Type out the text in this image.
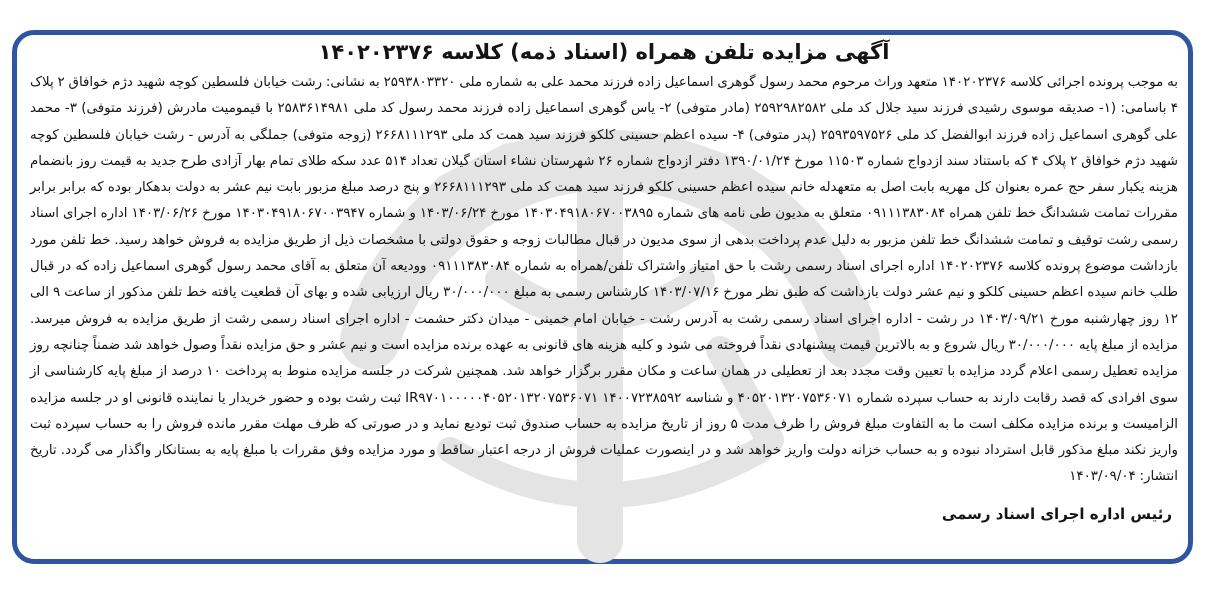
آگهی مزایده تلفن همراه (اسناد ذمه) کلاسه ۱۴۰۲۰۲۳۷۶

به موجب پرونده اجرائی کلاسه ۱۴۰۲۰۲۳۷۶ متعهد وراث مرحوم محمد رسول گوهری اسماعیل زاده فرزند محمد علی به شماره ملی ۲۵۹۳۸۰۳۳۲۰ به نشانی: رشت خیابان فلسطین کوچه شهید دژم خوافاق ۲ پلاک ۴ باسامی: (۱- صدیقه موسوی رشیدی فرزند سید جلال کد ملی ۲۵۹۲۹۸۲۵۸۲ (مادر متوفی) ۲- یاس گوهری اسماعیل زاده فرزند محمد رسول کد ملی ۲۵۸۳۶۱۴۹۸۱ با قیمومیت مادرش (فرزند متوفی) ۳- محمد علی گوهری اسماعیل زاده فرزند ابوالفضل کد ملی ۲۵۹۳۵۹۷۵۲۶ (پدر متوفی) ۴- سیده اعظم حسینی کلکو فرزند سید همت کد ملی ۲۶۶۸۱۱۱۲۹۳ (زوجه متوفی) جملگی به آدرس - رشت خیابان فلسطین کوچه شهید دژم خوافاق ۲ پلاک ۴ که باستناد سند ازدواج شماره ۱۱۵۰۳ مورخ ۱۳۹۰/۰۱/۲۴ دفتر ازدواج شماره ۲۶ شهرستان نشاء استان گیلان تعداد ۵۱۴ عدد سکه طلای تمام بهار آزادی طرح جدید به قیمت روز بانضمام هزینه یکبار سفر حج عمره بعنوان کل مهریه بابت اصل به متعهدله خانم سیده اعظم حسینی کلکو فرزند سید همت کد ملی ۲۶۶۸۱۱۱۲۹۳ و پنج درصد مبلغ مزبور بابت نیم عشر به دولت بدهکار بوده که برابر برابر مقررات تمامت ششدانگ خط تلفن همراه ۰۹۱۱۱۳۸۳۰۸۴ متعلق به مدیون طی نامه های شماره ۱۴۰۳۰۴۹۱۸۰۶۷۰۰۳۸۹۵ مورخ ۱۴۰۳/۰۶/۲۴ و شماره ۱۴۰۳۰۴۹۱۸۰۶۷۰۰۳۹۴۷ مورخ ۱۴۰۳/۰۶/۲۶ اداره اجرای اسناد رسمی رشت توقیف و تمامت ششدانگ خط تلفن مزبور به دلیل عدم پرداخت بدهی از سوی مدیون در قبال مطالبات زوجه و حقوق دولتی با مشخصات ذیل از طریق مزایده به فروش خواهد رسید. خط تلفن مورد بازداشت موضوع پرونده کلاسه ۱۴۰۲۰۲۳۷۶ اداره اجرای اسناد رسمی رشت با حق امتیاز واشتراک تلفن/همراه به شماره ۰۹۱۱۱۳۸۳۰۸۴ وودیعه آن متعلق به آقای محمد رسول گوهری اسماعیل زاده که در قبال طلب خانم سیده اعظم حسینی کلکو و نیم عشر دولت بازداشت که طبق نظر مورخ ۱۴۰۳/۰۷/۱۶ کارشناس رسمی به مبلغ ۳۰/۰۰۰/۰۰۰ ریال ارزیابی شده و بهای آن قطعیت یافته خط تلفن مذکور از ساعت ۹ الی ۱۲ روز چهارشنبه مورخ ۱۴۰۳/۰۹/۲۱ در رشت - اداره اجرای اسناد رسمی رشت به آدرس رشت - خیابان امام خمینی - میدان دکتر حشمت - اداره اجرای اسناد رسمی رشت از طریق مزایده به فروش میرسد. مزایده از مبلغ پایه ۳۰/۰۰۰/۰۰۰ ریال شروع و به بالاترین قیمت پیشنهادی نقداً فروخته می شود و کلیه هزینه های قانونی به عهده برنده مزایده است و نیم عشر و حق مزایده نقداً وصول خواهد شد ضمناً چنانچه روز مزایده تعطیل رسمی اعلام گردد مزایده با تعیین وقت مجدد بعد از تعطیلی در همان ساعت و مکان مقرر برگزار خواهد شد. همچنین شرکت در جلسه مزایده منوط به پرداخت ۱۰ درصد از مبلغ پایه کارشناسی از سوی افرادی که قصد رقابت دارند به حساب سپرده شماره ۴۰۵۲۰۱۳۲۰۷۵۳۶۰۷۱ و شناسه ۱۴۰۰۷۲۳۸۵۹۲ IR۹۷۰۱۰۰۰۰۰۴۰۵۲۰۱۳۲۰۷۵۳۶۰۷۱ ثبت رشت بوده و حضور خریدار یا نماینده قانونی او در جلسه مزایده الزامیست و برنده مزایده مکلف است ما به التفاوت مبلغ فروش را ظرف مدت ۵ روز از تاریخ مزایده به حساب صندوق ثبت تودیع نماید و در صورتی که ظرف مهلت مقرر مانده فروش را به حساب سپرده ثبت واریز نکند مبلغ مذکور قابل استرداد نبوده و به حساب خزانه دولت واریز خواهد شد و در اینصورت عملیات فروش از درجه اعتبار ساقط و مورد مزایده وفق مقررات با مبلغ پایه به بستانکار واگذار می گردد. تاریخ انتشار: ۱۴۰۳/۰۹/۰۴

رئیس اداره اجرای اسناد رسمی
